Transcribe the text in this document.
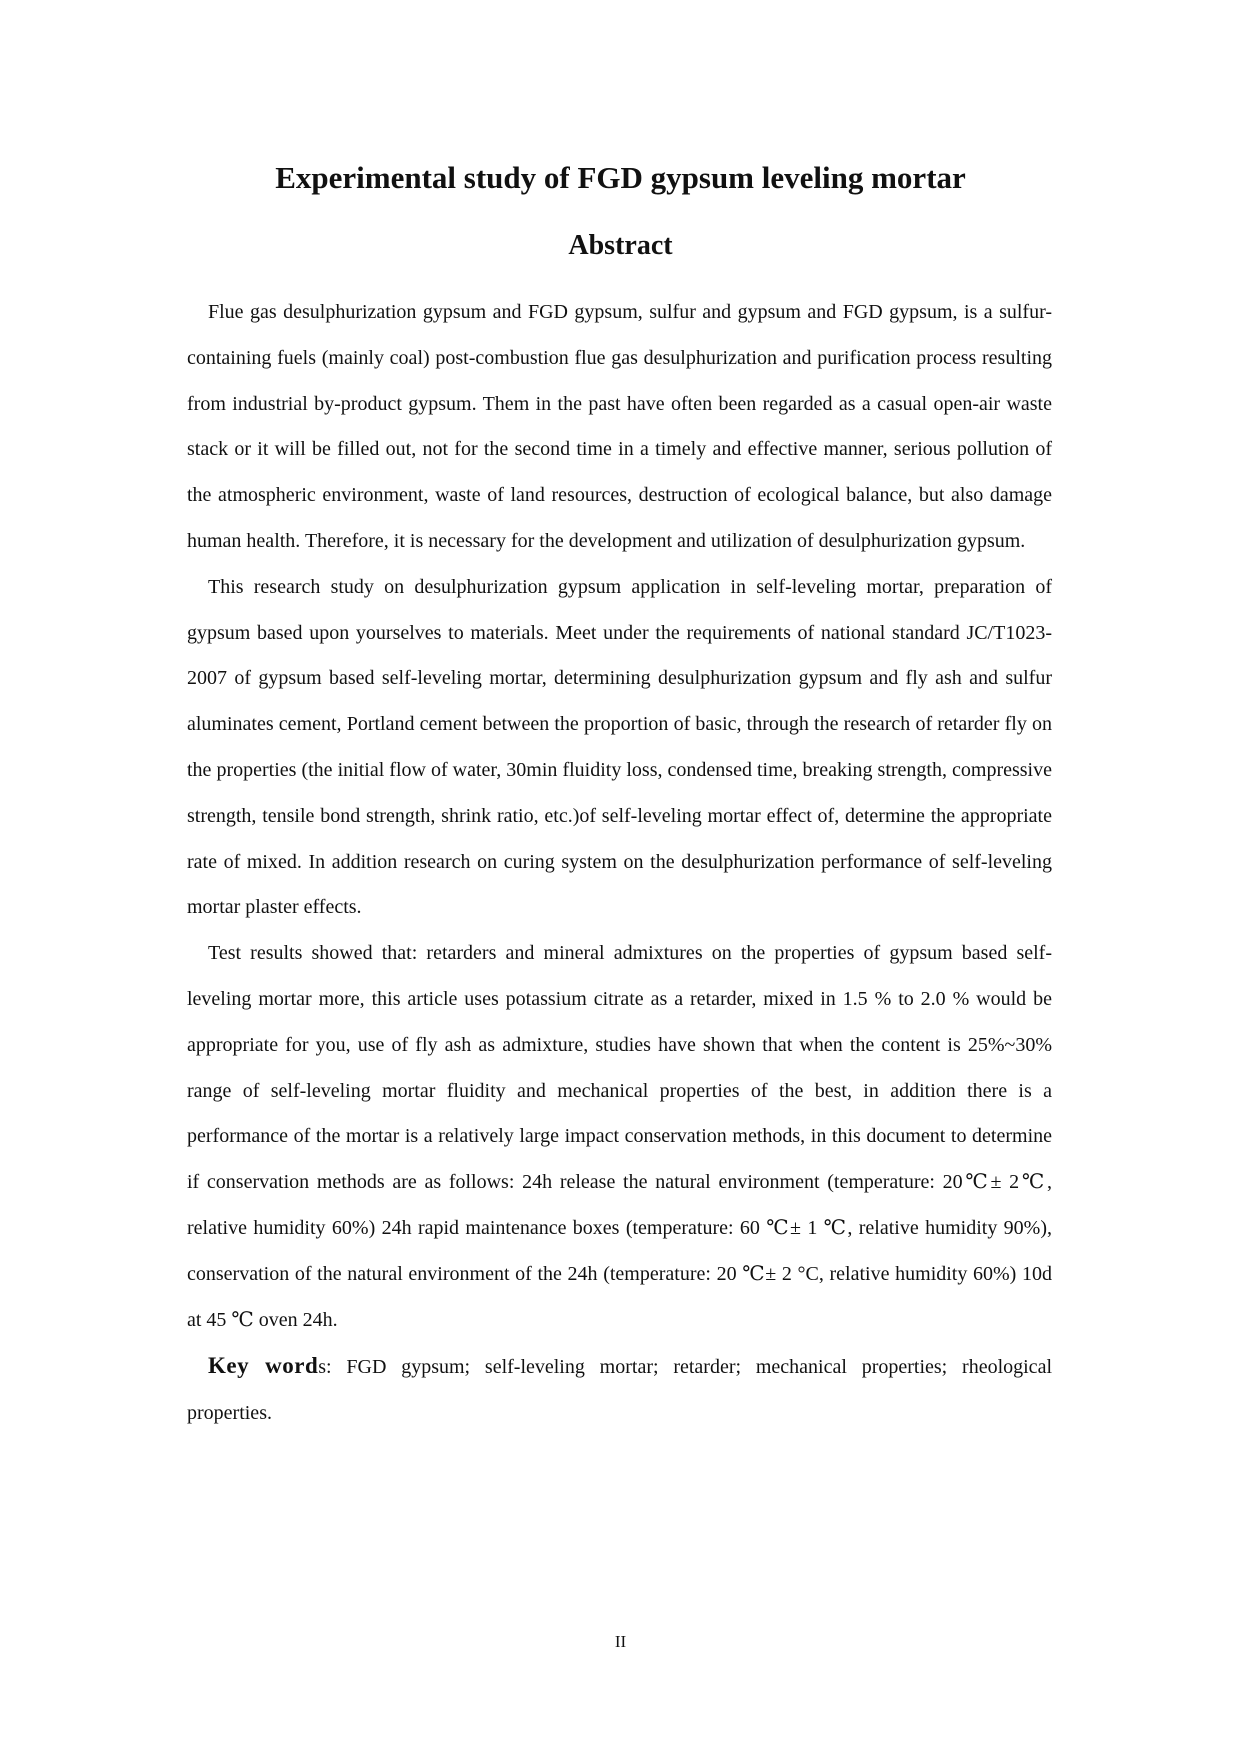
Experimental study of FGD gypsum leveling mortar
Abstract

Flue gas desulphurization gypsum and FGD gypsum, sulfur and gypsum and FGD gypsum, is a sulfur-containing fuels (mainly coal) post-combustion flue gas desulphurization and purification process resulting from industrial by-product gypsum. Them in the past have often been regarded as a casual open-air waste stack or it will be filled out, not for the second time in a timely and effective manner, serious pollution of the atmospheric environment, waste of land resources, destruction of ecological balance, but also damage human health. Therefore, it is necessary for the development and utilization of desulphurization gypsum.

This research study on desulphurization gypsum application in self-leveling mortar, preparation of gypsum based upon yourselves to materials. Meet under the requirements of national standard JC/T1023-2007 of gypsum based self-leveling mortar, determining desulphurization gypsum and fly ash and sulfur aluminates cement, Portland cement between the proportion of basic, through the research of retarder fly on the properties (the initial flow of water, 30min fluidity loss, condensed time, breaking strength, compressive strength, tensile bond strength, shrink ratio, etc.)of self-leveling mortar effect of, determine the appropriate rate of mixed. In addition research on curing system on the desulphurization performance of self-leveling mortar plaster effects.

Test results showed that: retarders and mineral admixtures on the properties of gypsum based self-leveling mortar more, this article uses potassium citrate as a retarder, mixed in 1.5 % to 2.0 % would be appropriate for you, use of fly ash as admixture, studies have shown that when the content is 25%~30% range of self-leveling mortar fluidity and mechanical properties of the best, in addition there is a performance of the mortar is a relatively large impact conservation methods, in this document to determine if conservation methods are as follows: 24h release the natural environment (temperature: 20℃± 2℃, relative humidity 60%) 24h rapid maintenance boxes (temperature: 60 ℃± 1 ℃, relative humidity 90%), conservation of the natural environment of the 24h (temperature: 20 ℃± 2 °C, relative humidity 60%) 10d at 45 ℃ oven 24h.

Key words: FGD gypsum; self-leveling mortar; retarder; mechanical properties; rheological properties.

II
